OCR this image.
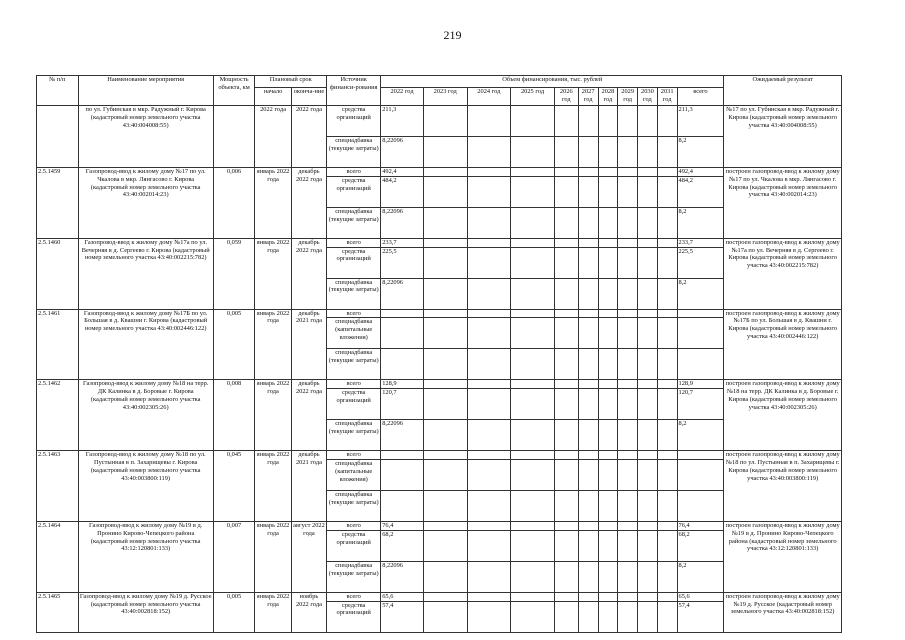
219
№ п/п	Наименование мероприятия	Мощность объекта, км	Плановый срок		Источник финанси-рования	Объем финансирования, тыс. рублей											Ожидаемый результат
			начало	оконча-ние		2022 год	2023 год	2024 год	2025 год	2026 год	2027 год	2028 год	2029 год	2030 год	2031 год	всего	
	по ул. Губинская в мкр. Радужный г. Кирова (кадастровый номер земельного участка 43:40:004008:55)		2022 года	2022 года	средства организаций	211,3										211,3	№17 по ул. Губинская в мкр. Радужный г. Кирова (кадастровый номер земельного участка 43:40:004008:55)
					спецнадбавка (текущие затраты)	8,22096										8,2	
2.5.1459	Газопровод-ввод к жилому дому №17 по ул. Чкалова в мкр. Лянгасово г. Кирова (кадастровый номер земельного участка 43:40:002014:23)	0,006	январь 2022 года	декабрь 2022 года	всего	492,4										492,4	построен газопровод-ввод к жилому дому №17 по ул. Чкалова в мкр. Лянгасово г. Кирова (кадастровый номер земельного участка 43:40:002014:23)
					средства организаций	484,2										484,2	
					спецнадбавка (текущие затраты)	8,22096										8,2	
2.5.1460	Газопровод-ввод к жилому дому №17а по ул. Вечерняя в д. Сергеево г. Кирова (кадастровый номер земельного участка 43:40:002215:782)	0,059	январь 2022 года	декабрь 2022 года	всего	233,7										233,7	построен газопровод-ввод к жилому дому №17а по ул. Вечерняя в д. Сергеево г. Кирова (кадастровый номер земельного участка 43:40:002215:782)
					средства организаций	225,5										225,5	
					спецнадбавка (текущие затраты)	8,22096										8,2	
2.5.1461	Газопровод-ввод к жилому дому №17Б по ул. Большая в д. Квашни г. Кирова (кадастровый номер земельного участка 43:40:002446:122)	0,005	январь 2022 года	декабрь 2021 года	всего												построен газопровод-ввод к жилому дому №17Б по ул. Большая в д. Квашни г. Кирова (кадастровый номер земельного участка 43:40:002446:122)
					спецнадбавка (капитальные вложения)												
					спецнадбавка (текущие затраты)												
2.5.1462	Газопровод-ввод к жилому дому №18 на терр. ДК Калинка в д. Боровые г. Кирова (кадастровый номер земельного участка 43:40:002305:26)	0,008	январь 2022 года	декабрь 2022 года	всего	128,9										128,9	построен газопровод-ввод к жилому дому №18 на терр. ДК Калинка в д. Боровые г. Кирова (кадастровый номер земельного участка 43:40:002305:26)
					средства организаций	120,7										120,7	
					спецнадбавка (текущие затраты)	8,22096										8,2	
2.5.1463	Газопровод-ввод к жилому дому №18 по ул. Пустынная в п. Захарищевы г. Кирова (кадастровый номер земельного участка 43:40:003800:119)	0,045	январь 2022 года	декабрь 2021 года	всего												построен газопровод-ввод к жилому дому №18 по ул. Пустынная в п. Захарищевы г. Кирова (кадастровый номер земельного участка 43:40:003800:119)
					спецнадбавка (капитальные вложения)												
					спецнадбавка (текущие затраты)												
2.5.1464	Газопровод-ввод к жилому дому №19 в д. Пронино Кирово-Чепецкого района (кадастровый номер земельного участка 43:12:120801:133)	0,007	январь 2022 года	август 2022 года	всего	76,4										76,4	построен газопровод-ввод к жилому дому №19 в д. Пронино Кирово-Чепецкого района (кадастровый номер земельного участка 43:12:120801:133)
					средства организаций	68,2										68,2	
					спецнадбавка (текущие затраты)	8,22096										8,2	
2.5.1465	Газопровод-ввод к жилому дому №19 д. Русское (кадастровый номер земельного участка 43:40:002818:152)	0,005	январь 2022 года	ноябрь 2022 года	всего	65,6										65,6	построен газопровод-ввод к жилому дому №19 д. Русское (кадастровый номер земельного участка 43:40:002818:152)
					средства организаций	57,4										57,4	
